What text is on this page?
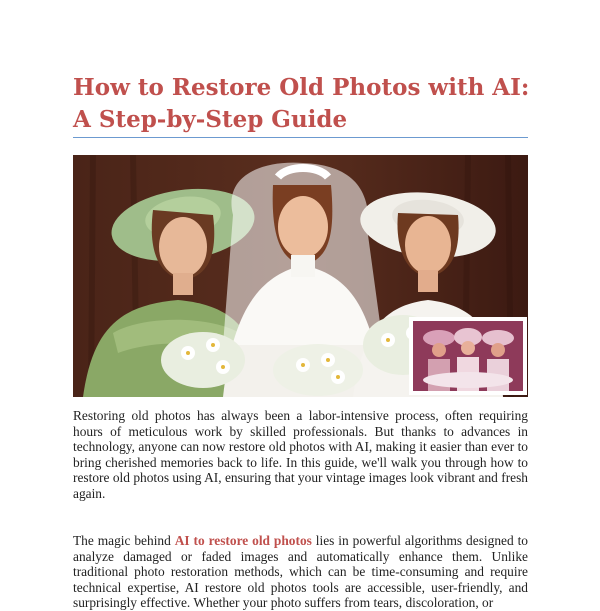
How to Restore Old Photos with AI: A Step-by-Step Guide

Restoring old photos has always been a labor-intensive process, often requiring hours of meticulous work by skilled professionals. But thanks to advances in technology, anyone can now restore old photos with AI, making it easier than ever to bring cherished memories back to life. In this guide, we'll walk you through how to restore old photos using AI, ensuring that your vintage images look vibrant and fresh again.

The magic behind AI to restore old photos lies in powerful algorithms designed to analyze damaged or faded images and automatically enhance them. Unlike traditional photo restoration methods, which can be time-consuming and require technical expertise, AI restore old photos tools are accessible, user-friendly, and surprisingly effective. Whether your photo suffers from tears, discoloration, or
